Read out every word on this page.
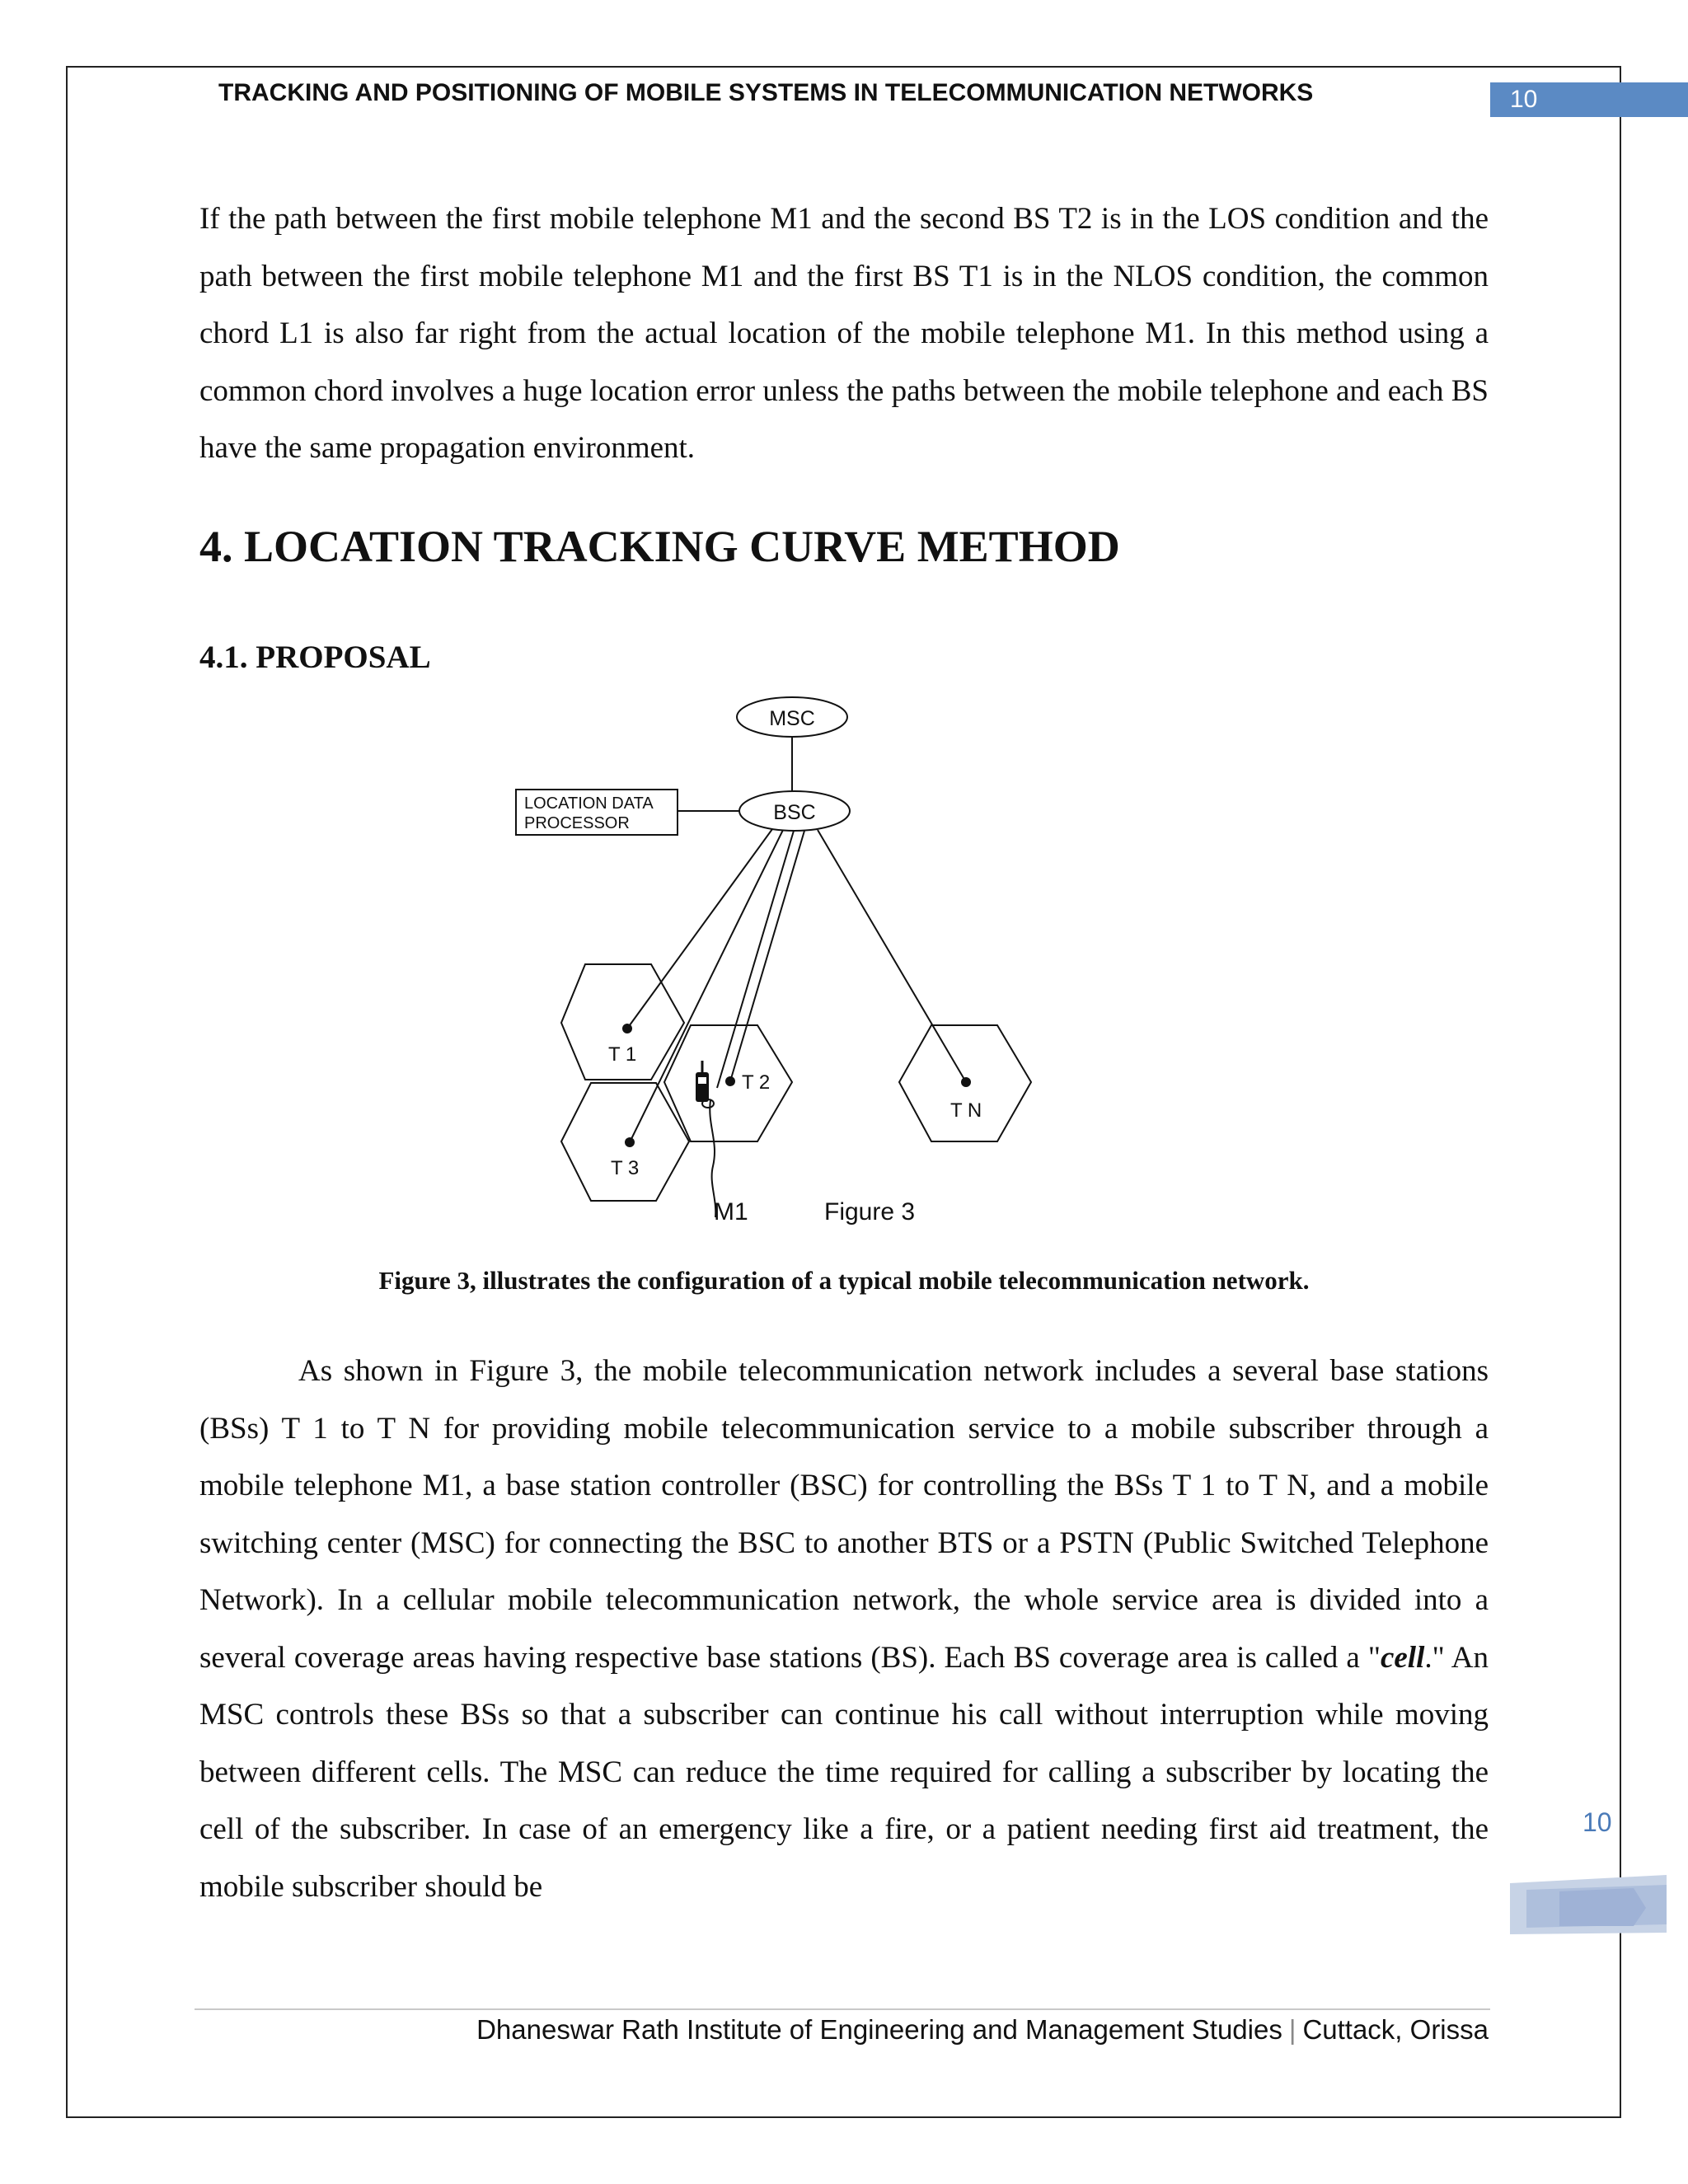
TRACKING AND POSITIONING OF MOBILE SYSTEMS IN TELECOMMUNICATION NETWORKS	10

If the path between the first mobile telephone M1 and the second BS T2 is in the LOS condition and the path between the first mobile telephone M1 and the first BS T1 is in the NLOS condition, the common chord L1 is also far right from the actual location of the mobile telephone M1. In this method using a common chord involves a huge location error unless the paths between the mobile telephone and each BS have the same propagation environment.

4. LOCATION TRACKING CURVE METHOD
4.1. PROPOSAL
MSC
BSC
LOCATION DATA
PROCESSOR
T 1
T 2
T 3
T N
M1	Figure 3
Figure 3, illustrates the configuration of a typical mobile telecommunication network.

As shown in Figure 3, the mobile telecommunication network includes a several base stations (BSs) T 1 to T N for providing mobile telecommunication service to a mobile subscriber through a mobile telephone M1, a base station controller (BSC) for controlling the BSs T 1 to T N, and a mobile switching center (MSC) for connecting the BSC to another BTS or a PSTN (Public Switched Telephone Network). In a cellular mobile telecommunication network, the whole service area is divided into a several coverage areas having respective base stations (BS). Each BS coverage area is called a "cell." An MSC controls these BSs so that a subscriber can continue his call without interruption while moving between different cells. The MSC can reduce the time required for calling a subscriber by locating the cell of the subscriber. In case of an emergency like a fire, or a patient needing first aid treatment, the mobile subscriber should be

10
Dhaneswar Rath Institute of Engineering and Management Studies | Cuttack, Orissa
